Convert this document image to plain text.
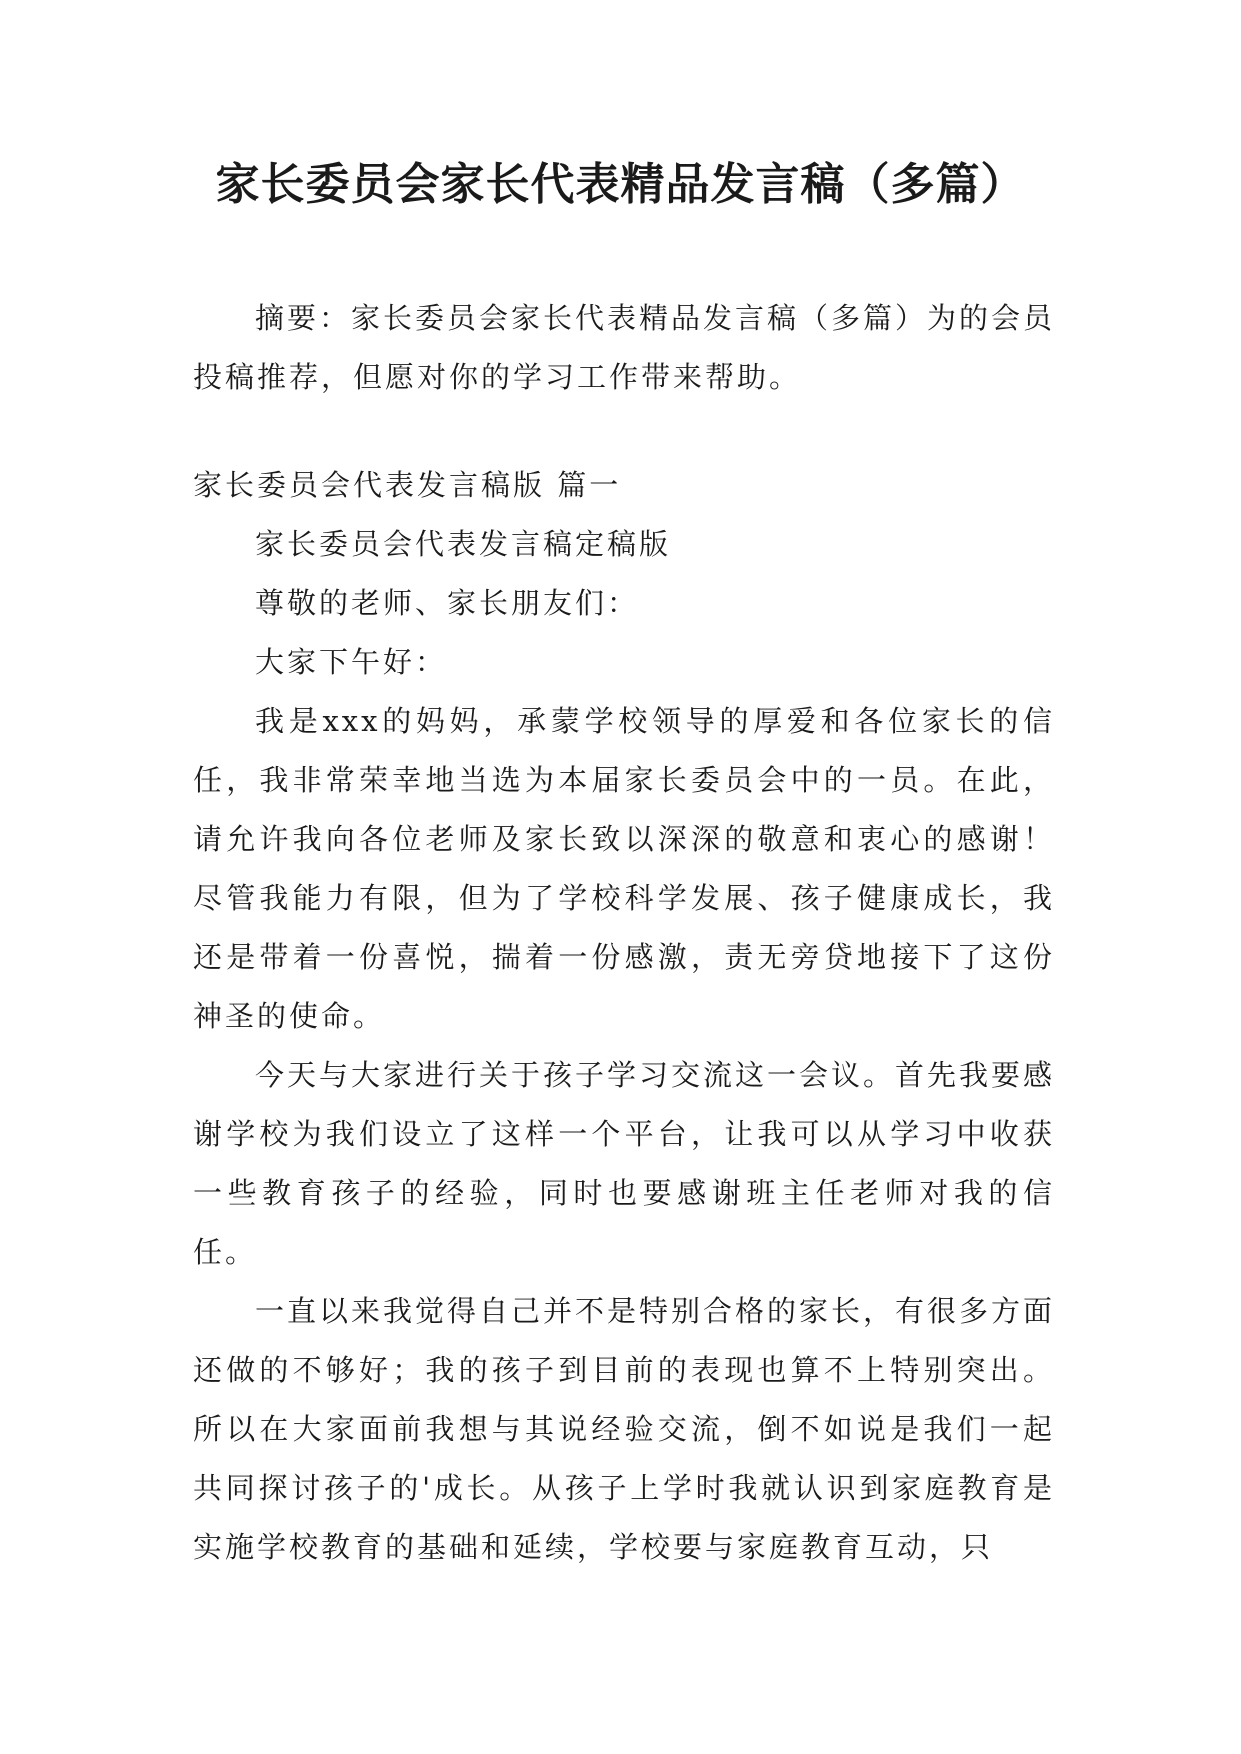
家长委员会家长代表精品发言稿（多篇）
摘要：家长委员会家长代表精品发言稿（多篇）为的会员投稿推荐，但愿对你的学习工作带来帮助。

家长委员会代表发言稿版 篇一

家长委员会代表发言稿定稿版

尊敬的老师、家长朋友们：

大家下午好：

我是xxx的妈妈，承蒙学校领导的厚爱和各位家长的信任，我非常荣幸地当选为本届家长委员会中的一员。在此，请允许我向各位老师及家长致以深深的敬意和衷心的感谢！尽管我能力有限，但为了学校科学发展、孩子健康成长，我还是带着一份喜悦，揣着一份感激，责无旁贷地接下了这份神圣的使命。

今天与大家进行关于孩子学习交流这一会议。首先我要感谢学校为我们设立了这样一个平台，让我可以从学习中收获一些教育孩子的经验，同时也要感谢班主任老师对我的信任。

一直以来我觉得自己并不是特别合格的家长，有很多方面还做的不够好；我的孩子到目前的表现也算不上特别突出。所以在大家面前我想与其说经验交流，倒不如说是我们一起共同探讨孩子的'成长。从孩子上学时我就认识到家庭教育是实施学校教育的基础和延续，学校要与家庭教育互动，只
